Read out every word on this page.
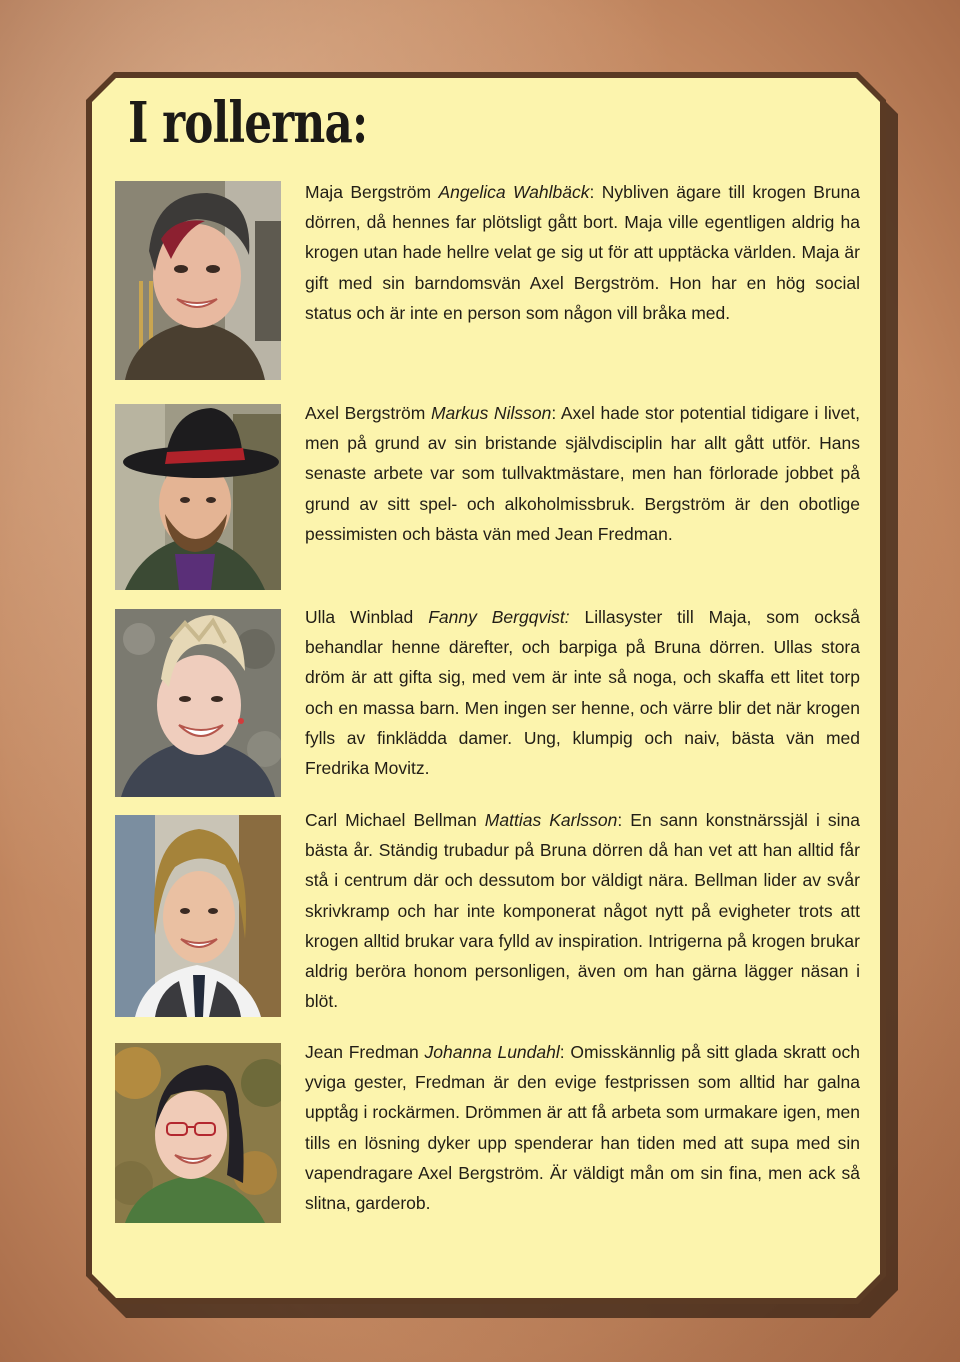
I rollerna:

Maja Bergström Angelica Wahlbäck: Nybliven ägare till krogen Bruna dörren, då hennes far plötsligt gått bort. Maja ville egentligen aldrig ha krogen utan hade hellre velat ge sig ut för att upptäcka världen. Maja är gift med sin barndomsvän Axel Bergström. Hon har en hög social status och är inte en person som någon vill bråka med.

Axel Bergström Markus Nilsson: Axel hade stor potential tidigare i livet, men på grund av sin bristande självdisciplin har allt gått utför. Hans senaste arbete var som tullvaktmästare, men han förlorade jobbet på grund av sitt spel- och alkoholmissbruk. Bergström är den obotlige pessimisten och bästa vän med Jean Fredman.

Ulla Winblad Fanny Bergqvist: Lillasyster till Maja, som också behandlar henne därefter, och barpiga på Bruna dörren. Ullas stora dröm är att gifta sig, med vem är inte så noga, och skaffa ett litet torp och en massa barn. Men ingen ser henne, och värre blir det när krogen fylls av finklädda damer. Ung, klumpig och naiv, bästa vän med Fredrika Movitz.

Carl Michael Bellman Mattias Karlsson: En sann konstnärssjäl i sina bästa år. Ständig trubadur på Bruna dörren då han vet att han alltid får stå i centrum där och dessutom bor väldigt nära. Bellman lider av svår skrivkramp och har inte komponerat något nytt på evigheter trots att krogen alltid brukar vara fylld av inspiration. Intrigerna på krogen brukar aldrig beröra honom personligen, även om han gärna lägger näsan i blöt.

Jean Fredman Johanna Lundahl: Omisskännlig på sitt glada skratt och yviga gester, Fredman är den evige festprissen som alltid har galna upptåg i rockärmen. Drömmen är att få arbeta som urmakare igen, men tills en lösning dyker upp spenderar han tiden med att supa med sin vapendragare Axel Bergström. Är väldigt mån om sin fina, men ack så slitna, garderob.
